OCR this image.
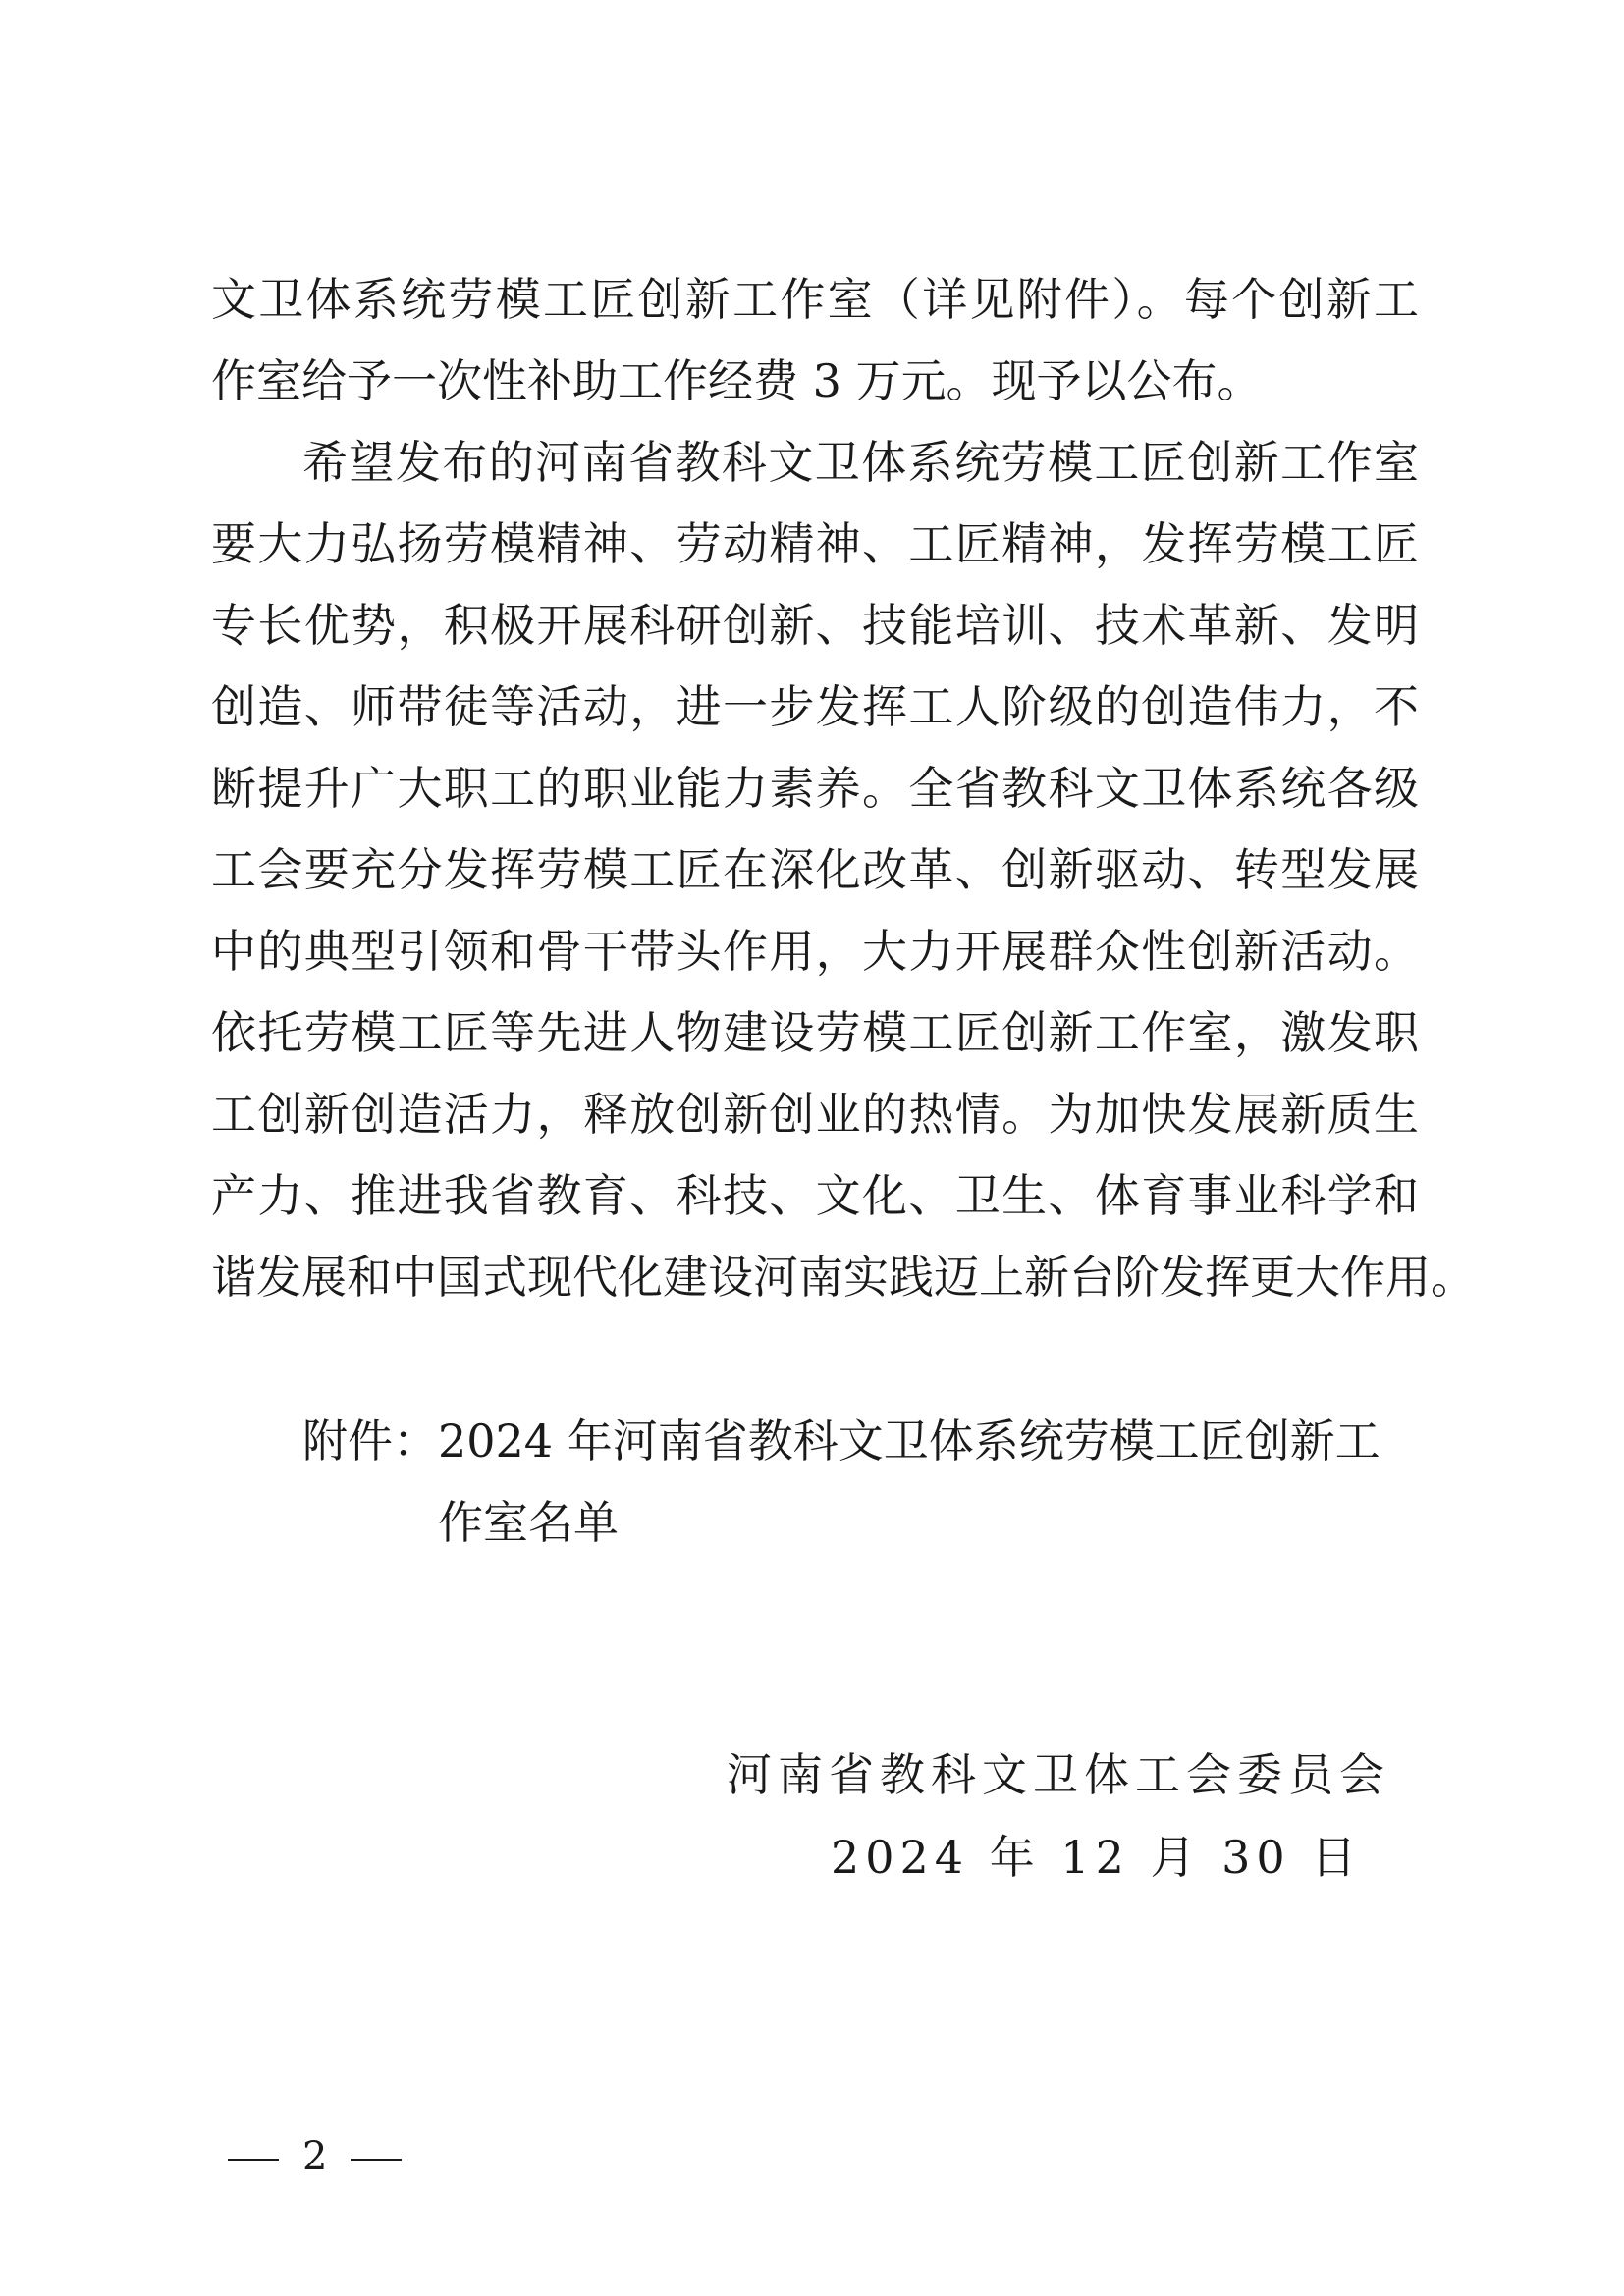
文卫体系统劳模工匠创新工作室（详见附件）。每个创新工
作室给予一次性补助工作经费 3 万元。现予以公布。
希望发布的河南省教科文卫体系统劳模工匠创新工作室
要大力弘扬劳模精神、劳动精神、工匠精神，发挥劳模工匠
专长优势，积极开展科研创新、技能培训、技术革新、发明
创造、师带徒等活动，进一步发挥工人阶级的创造伟力，不
断提升广大职工的职业能力素养。全省教科文卫体系统各级
工会要充分发挥劳模工匠在深化改革、创新驱动、转型发展
中的典型引领和骨干带头作用，大力开展群众性创新活动。
依托劳模工匠等先进人物建设劳模工匠创新工作室，激发职
工创新创造活力，释放创新创业的热情。为加快发展新质生
产力、推进我省教育、科技、文化、卫生、体育事业科学和
谐发展和中国式现代化建设河南实践迈上新台阶发挥更大作用。
附件： 2024 年河南省教科文卫体系统劳模工匠创新工
作室名单
河南省教科文卫体工会委员会
2024 年 12 月 30 日
2
